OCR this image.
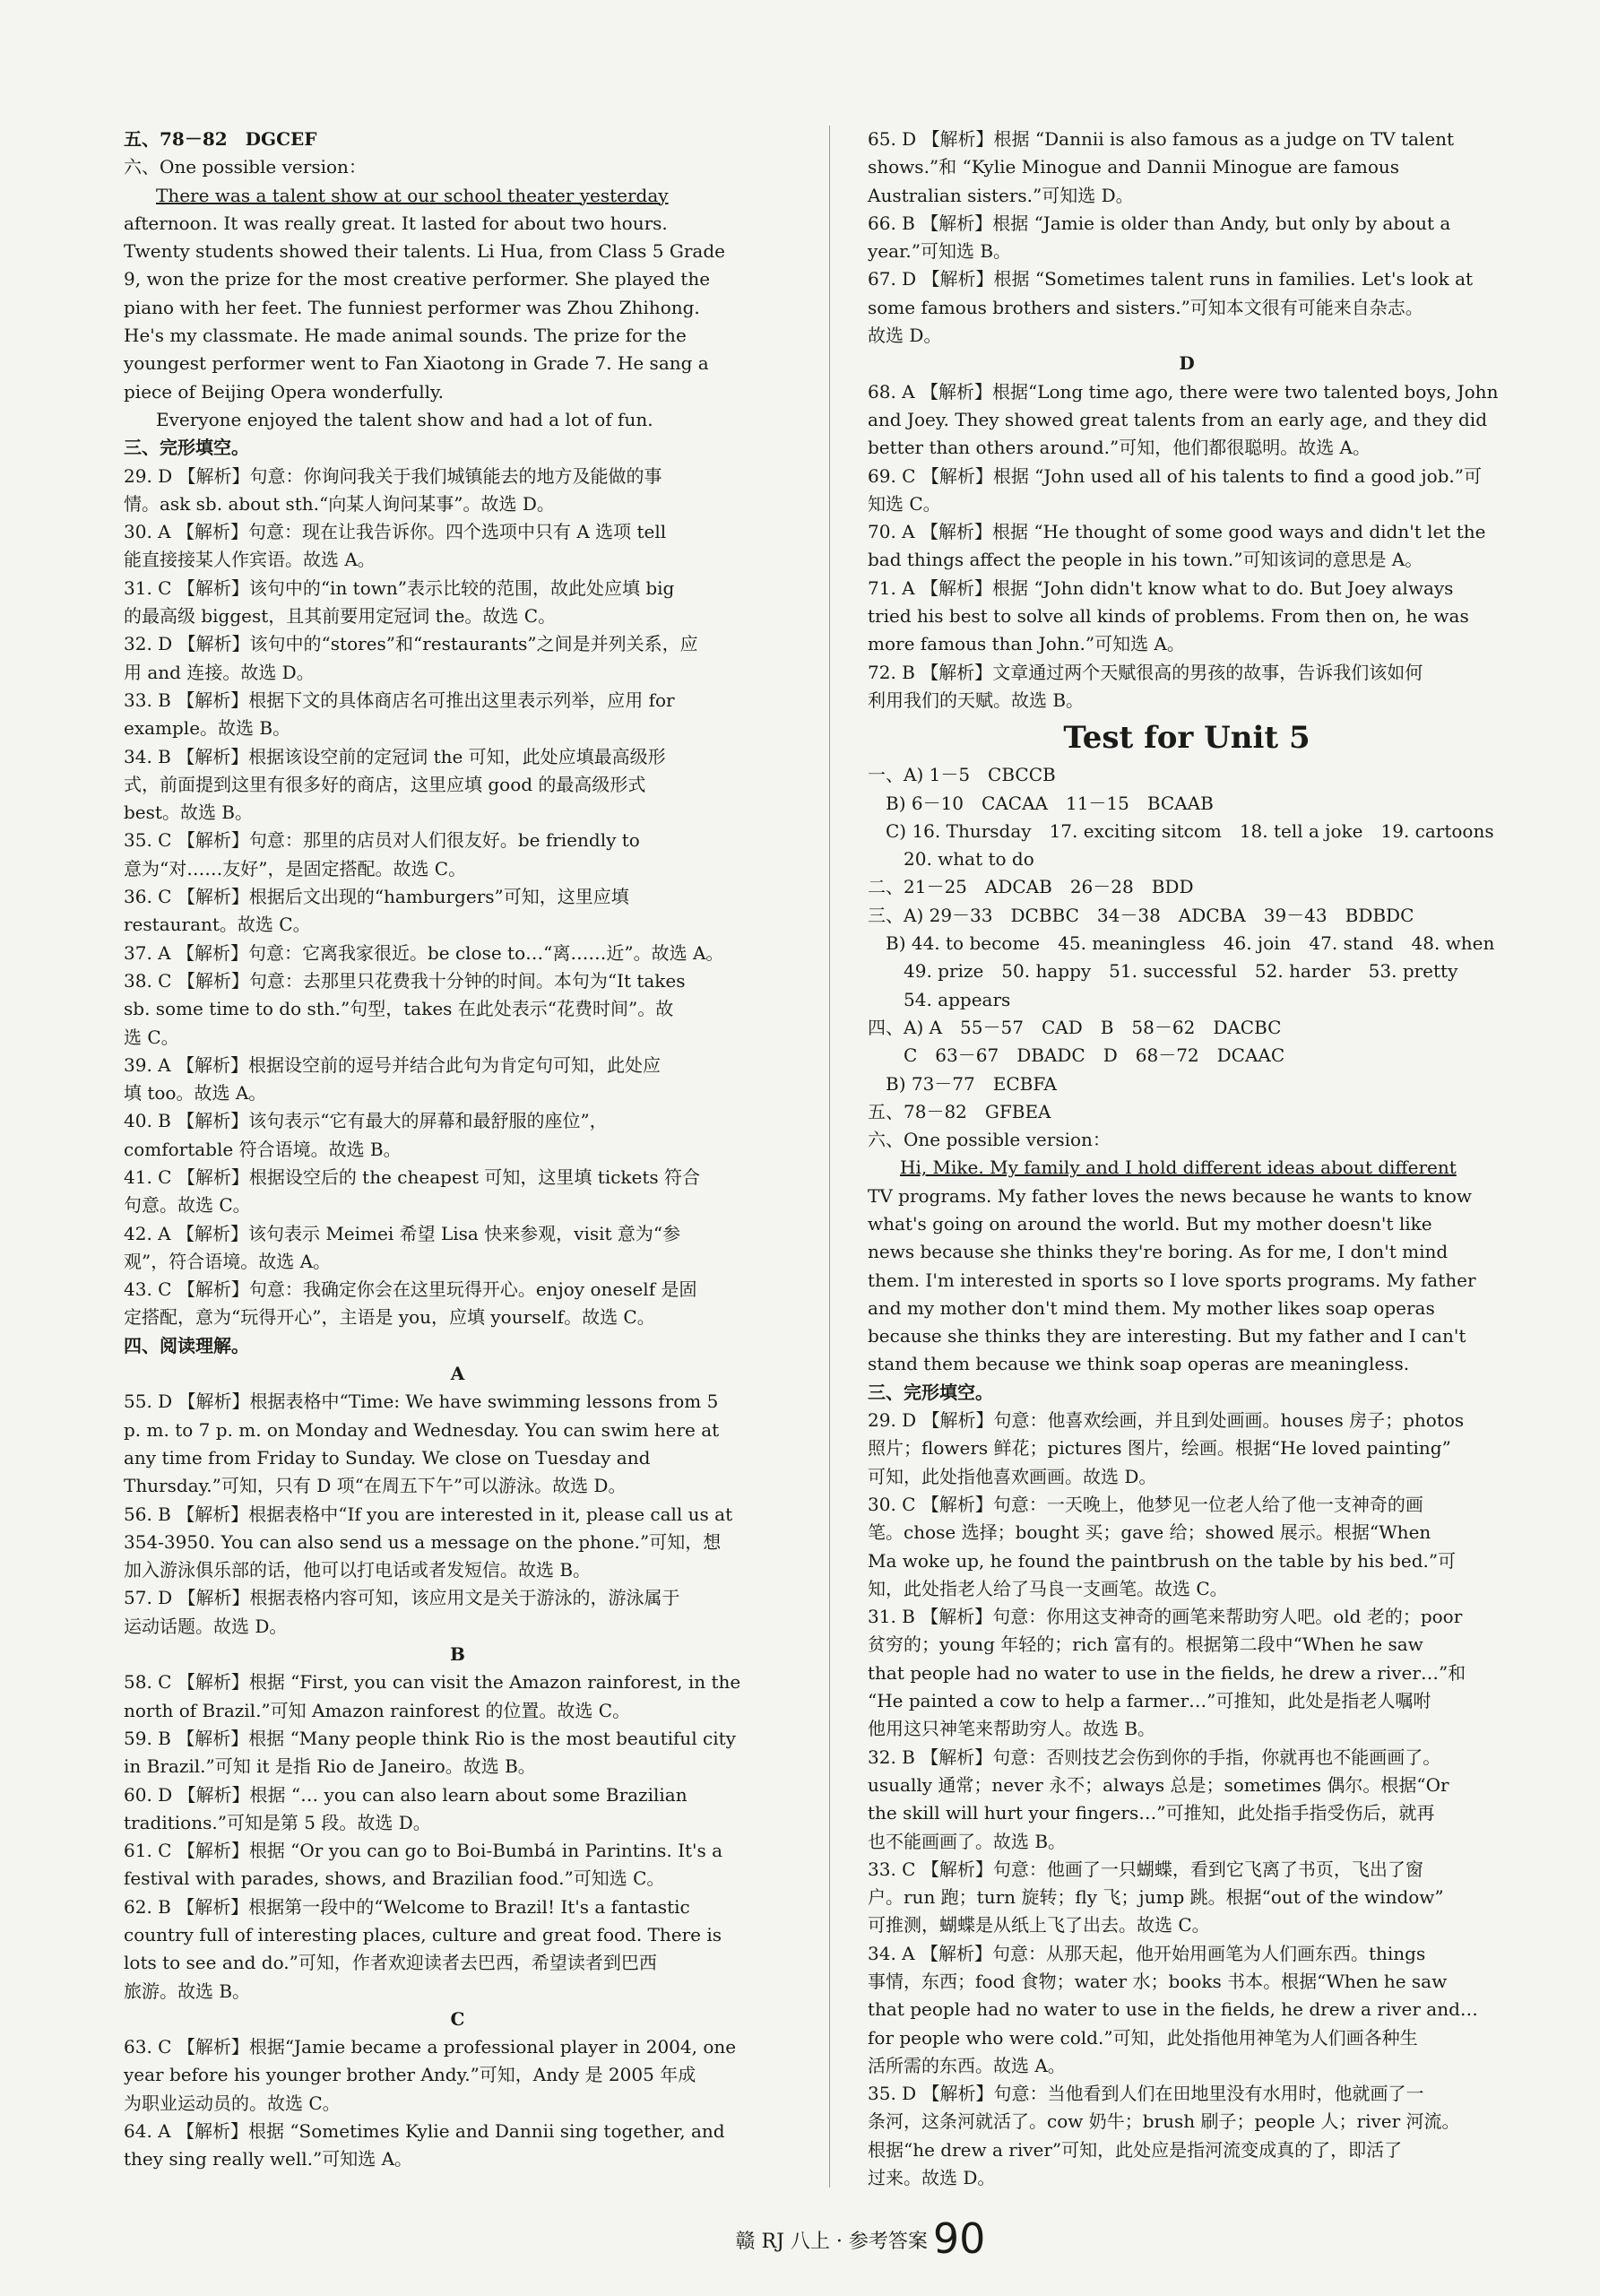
五、78－82　DGCEF
六、One possible version：
There was a talent show at our school theater yesterday
afternoon. It was really great. It lasted for about two hours.
Twenty students showed their talents. Li Hua, from Class 5 Grade
9, won the prize for the most creative performer. She played the
piano with her feet. The funniest performer was Zhou Zhihong.
He's my classmate. He made animal sounds. The prize for the
youngest performer went to Fan Xiaotong in Grade 7. He sang a
piece of Beijing Opera wonderfully.
Everyone enjoyed the talent show and had a lot of fun.
三、完形填空。
29. D 【解析】句意：你询问我关于我们城镇能去的地方及能做的事
情。ask sb. about sth.“向某人询问某事”。故选 D。
30. A 【解析】句意：现在让我告诉你。四个选项中只有 A 选项 tell
能直接接某人作宾语。故选 A。
31. C 【解析】该句中的“in town”表示比较的范围，故此处应填 big
的最高级 biggest，且其前要用定冠词 the。故选 C。
32. D 【解析】该句中的“stores”和“restaurants”之间是并列关系，应
用 and 连接。故选 D。
33. B 【解析】根据下文的具体商店名可推出这里表示列举，应用 for
example。故选 B。
34. B 【解析】根据该设空前的定冠词 the 可知，此处应填最高级形
式，前面提到这里有很多好的商店，这里应填 good 的最高级形式
best。故选 B。
35. C 【解析】句意：那里的店员对人们很友好。be friendly to
意为“对……友好”，是固定搭配。故选 C。
36. C 【解析】根据后文出现的“hamburgers”可知，这里应填
restaurant。故选 C。
37. A 【解析】句意：它离我家很近。be close to…“离……近”。故选 A。
38. C 【解析】句意：去那里只花费我十分钟的时间。本句为“It takes
sb. some time to do sth.”句型，takes 在此处表示“花费时间”。故
选 C。
39. A 【解析】根据设空前的逗号并结合此句为肯定句可知，此处应
填 too。故选 A。
40. B 【解析】该句表示“它有最大的屏幕和最舒服的座位”，
comfortable 符合语境。故选 B。
41. C 【解析】根据设空后的 the cheapest 可知，这里填 tickets 符合
句意。故选 C。
42. A 【解析】该句表示 Meimei 希望 Lisa 快来参观，visit 意为“参
观”，符合语境。故选 A。
43. C 【解析】句意：我确定你会在这里玩得开心。enjoy oneself 是固
定搭配，意为“玩得开心”，主语是 you，应填 yourself。故选 C。
四、阅读理解。
A
55. D 【解析】根据表格中“Time: We have swimming lessons from 5
p. m. to 7 p. m. on Monday and Wednesday. You can swim here at
any time from Friday to Sunday. We close on Tuesday and
Thursday.”可知，只有 D 项“在周五下午”可以游泳。故选 D。
56. B 【解析】根据表格中“If you are interested in it, please call us at
354-3950. You can also send us a message on the phone.”可知，想
加入游泳俱乐部的话，他可以打电话或者发短信。故选 B。
57. D 【解析】根据表格内容可知，该应用文是关于游泳的，游泳属于
运动话题。故选 D。
B
58. C 【解析】根据 “First, you can visit the Amazon rainforest, in the
north of Brazil.”可知 Amazon rainforest 的位置。故选 C。
59. B 【解析】根据 “Many people think Rio is the most beautiful city
in Brazil.”可知 it 是指 Rio de Janeiro。故选 B。
60. D 【解析】根据 “… you can also learn about some Brazilian
traditions.”可知是第 5 段。故选 D。
61. C 【解析】根据 “Or you can go to Boi-Bumbá in Parintins. It's a
festival with parades, shows, and Brazilian food.”可知选 C。
62. B 【解析】根据第一段中的“Welcome to Brazil! It's a fantastic
country full of interesting places, culture and great food. There is
lots to see and do.”可知，作者欢迎读者去巴西，希望读者到巴西
旅游。故选 B。
C
63. C 【解析】根据“Jamie became a professional player in 2004, one
year before his younger brother Andy.”可知，Andy 是 2005 年成
为职业运动员的。故选 C。
64. A 【解析】根据 “Sometimes Kylie and Dannii sing together, and
they sing really well.”可知选 A。
65. D 【解析】根据 “Dannii is also famous as a judge on TV talent
shows.”和 “Kylie Minogue and Dannii Minogue are famous
Australian sisters.”可知选 D。
66. B 【解析】根据 “Jamie is older than Andy, but only by about a
year.”可知选 B。
67. D 【解析】根据 “Sometimes talent runs in families. Let's look at
some famous brothers and sisters.”可知本文很有可能来自杂志。
故选 D。
D
68. A 【解析】根据“Long time ago, there were two talented boys, John
and Joey. They showed great talents from an early age, and they did
better than others around.”可知，他们都很聪明。故选 A。
69. C 【解析】根据 “John used all of his talents to find a good job.”可
知选 C。
70. A 【解析】根据 “He thought of some good ways and didn't let the
bad things affect the people in his town.”可知该词的意思是 A。
71. A 【解析】根据 “John didn't know what to do. But Joey always
tried his best to solve all kinds of problems. From then on, he was
more famous than John.”可知选 A。
72. B 【解析】文章通过两个天赋很高的男孩的故事，告诉我们该如何
利用我们的天赋。故选 B。
Test for Unit 5
一、A) 1－5　CBCCB
　B) 6－10　CACAA　11－15　BCAAB
　C) 16. Thursday　17. exciting sitcom　18. tell a joke　19. cartoons
　　20. what to do
二、21－25　ADCAB　26－28　BDD
三、A) 29－33　DCBBC　34－38　ADCBA　39－43　BDBDC
　B) 44. to become　45. meaningless　46. join　47. stand　48. when
　　49. prize　50. happy　51. successful　52. harder　53. pretty
　　54. appears
四、A) A　55－57　CAD　B　58－62　DACBC
　　C　63－67　DBADC　D　68－72　DCAAC
　B) 73－77　ECBFA
五、78－82　GFBEA
六、One possible version：
Hi, Mike. My family and I hold different ideas about different
TV programs. My father loves the news because he wants to know
what's going on around the world. But my mother doesn't like
news because she thinks they're boring. As for me, I don't mind
them. I'm interested in sports so I love sports programs. My father
and my mother don't mind them. My mother likes soap operas
because she thinks they are interesting. But my father and I can't
stand them because we think soap operas are meaningless.
三、完形填空。
29. D 【解析】句意：他喜欢绘画，并且到处画画。houses 房子；photos
照片；flowers 鲜花；pictures 图片，绘画。根据“He loved painting”
可知，此处指他喜欢画画。故选 D。
30. C 【解析】句意：一天晚上，他梦见一位老人给了他一支神奇的画
笔。chose 选择；bought 买；gave 给；showed 展示。根据“When
Ma woke up, he found the paintbrush on the table by his bed.”可
知，此处指老人给了马良一支画笔。故选 C。
31. B 【解析】句意：你用这支神奇的画笔来帮助穷人吧。old 老的；poor
贫穷的；young 年轻的；rich 富有的。根据第二段中“When he saw
that people had no water to use in the fields, he drew a river…”和
“He painted a cow to help a farmer…”可推知，此处是指老人嘱咐
他用这只神笔来帮助穷人。故选 B。
32. B 【解析】句意：否则技艺会伤到你的手指，你就再也不能画画了。
usually 通常；never 永不；always 总是；sometimes 偶尔。根据“Or
the skill will hurt your fingers…”可推知，此处指手指受伤后，就再
也不能画画了。故选 B。
33. C 【解析】句意：他画了一只蝴蝶，看到它飞离了书页，飞出了窗
户。run 跑；turn 旋转；fly 飞；jump 跳。根据“out of the window”
可推测，蝴蝶是从纸上飞了出去。故选 C。
34. A 【解析】句意：从那天起，他开始用画笔为人们画东西。things
事情，东西；food 食物；water 水；books 书本。根据“When he saw
that people had no water to use in the fields, he drew a river and…
for people who were cold.”可知，此处指他用神笔为人们画各种生
活所需的东西。故选 A。
35. D 【解析】句意：当他看到人们在田地里没有水用时，他就画了一
条河，这条河就活了。cow 奶牛；brush 刷子；people 人；river 河流。
根据“he drew a river”可知，此处应是指河流变成真的了，即活了
过来。故选 D。
赣 RJ 八上 · 参考答案 90
